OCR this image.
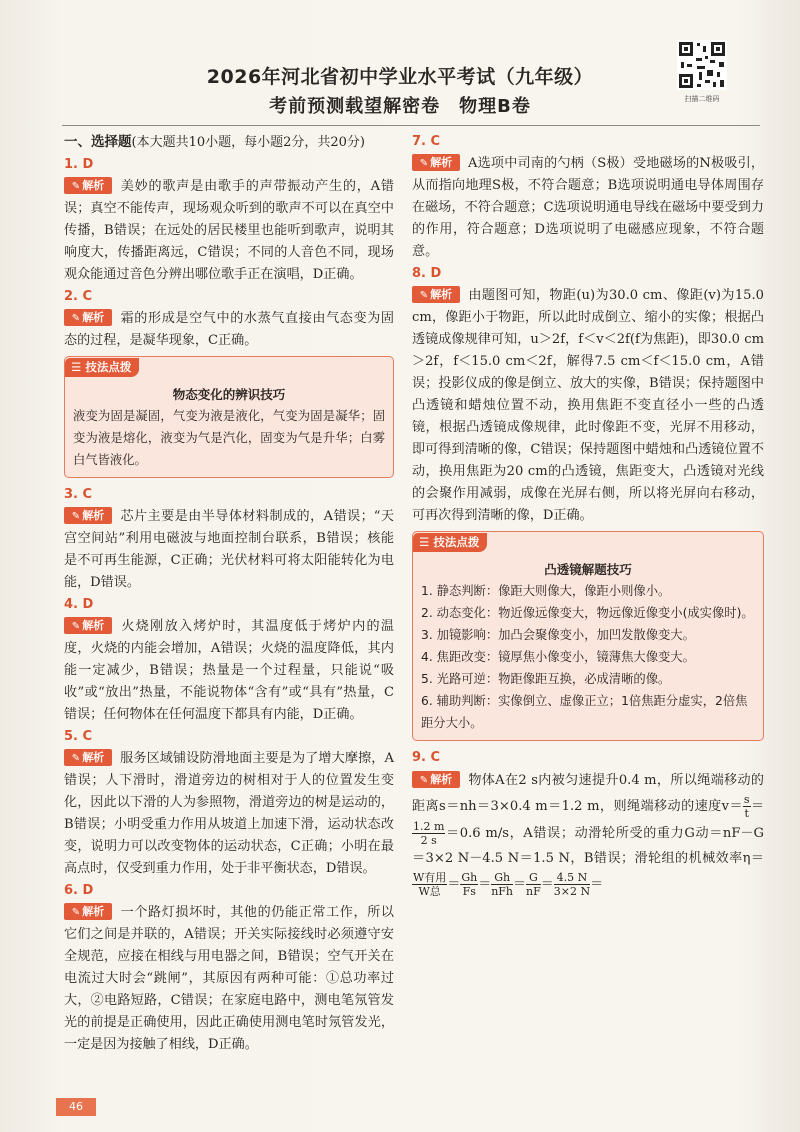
2026年河北省初中学业水平考试（九年级）
考前预测载望解密卷　物理B卷	扫描二维码
一、选择题(本大题共10小题，每小题2分，共20分)
1. D

✎ 解析 美妙的歌声是由歌手的声带振动产生的，A错误；真空不能传声，现场观众听到的歌声不可以在真空中传播，B错误；在远处的居民楼里也能听到歌声，说明其响度大，传播距离远，C错误；不同的人音色不同，现场观众能通过音色分辨出哪位歌手正在演唱，D正确。

2. C

✎ 解析 霜的形成是空气中的水蒸气直接由气态变为固态的过程，是凝华现象，C正确。

☰ 技法点拨
物态变化的辨识技巧
液变为固是凝固，气变为液是液化，气变为固是凝华；固变为液是熔化，液变为气是汽化，固变为气是升华；白雾白气皆液化。
3. C

✎ 解析 芯片主要是由半导体材料制成的，A错误；“天宫空间站”利用电磁波与地面控制台联系，B错误；核能是不可再生能源，C正确；光伏材料可将太阳能转化为电能，D错误。

4. D

✎ 解析 火烧刚放入烤炉时，其温度低于烤炉内的温度，火烧的内能会增加，A错误；火烧的温度降低，其内能一定减少，B错误；热量是一个过程量，只能说“吸收”或“放出”热量，不能说物体“含有”或“具有”热量，C错误；任何物体在任何温度下都具有内能，D正确。

5. C

✎ 解析 服务区域铺设防滑地面主要是为了增大摩擦，A错误；人下滑时，滑道旁边的树相对于人的位置发生变化，因此以下滑的人为参照物，滑道旁边的树是运动的，B错误；小明受重力作用从坡道上加速下滑，运动状态改变，说明力可以改变物体的运动状态，C正确；小明在最高点时，仅受到重力作用，处于非平衡状态，D错误。

6. D

✎ 解析 一个路灯损坏时，其他的仍能正常工作，所以它们之间是并联的，A错误；开关实际接线时必须遵守安全规范，应接在相线与用电器之间，B错误；空气开关在电流过大时会“跳闸”，其原因有两种可能：①总功率过大，②电路短路，C错误；在家庭电路中，测电笔氖管发光的前提是正确使用，因此正确使用测电笔时氖管发光，一定是因为接触了相线，D正确。

7. C

✎ 解析 A选项中司南的勺柄（S极）受地磁场的N极吸引，从而指向地理S极，不符合题意；B选项说明通电导体周围存在磁场，不符合题意；C选项说明通电导线在磁场中要受到力的作用，符合题意；D选项说明了电磁感应现象，不符合题意。

8. D

✎ 解析 由题图可知，物距(u)为30.0 cm、像距(v)为15.0 cm，像距小于物距，所以此时成倒立、缩小的实像；根据凸透镜成像规律可知，u＞2f，f＜v＜2f(f为焦距)，即30.0 cm＞2f，f＜15.0 cm＜2f，解得7.5 cm＜f＜15.0 cm，A错误；投影仪成的像是倒立、放大的实像，B错误；保持题图中凸透镜和蜡烛位置不动，换用焦距不变直径小一些的凸透镜，根据凸透镜成像规律，此时像距不变，光屏不用移动，即可得到清晰的像，C错误；保持题图中蜡烛和凸透镜位置不动，换用焦距为20 cm的凸透镜，焦距变大，凸透镜对光线的会聚作用减弱，成像在光屏右侧，所以将光屏向右移动，可再次得到清晰的像，D正确。

☰ 技法点拨
凸透镜解题技巧
1. 静态判断：像距大则像大，像距小则像小。
2. 动态变化：物近像远像变大，物远像近像变小(成实像时)。
3. 加镜影响：加凸会聚像变小，加凹发散像变大。
4. 焦距改变：镜厚焦小像变小，镜薄焦大像变大。
5. 光路可逆：物距像距互换，必成清晰的像。
6. 辅助判断：实像倒立、虚像正立；1倍焦距分虚实，2倍焦距分大小。
9. C

✎ 解析 物体A在2 s内被匀速提升0.4 m，所以绳端移动的距离s＝nh＝3×0.4 m＝1.2 m，则绳端移动的速度$v= \frac{s}{t}$ ＝
$\frac{1.2 m}{2 s} =0.6$ m/s，A错误；动滑轮所受的重力G动＝nF－G＝3×2 N－4.5 N＝1.5 N，B错误；滑轮组的机械效率η＝
$\frac{\text{W有用}}{\text{W总}} = \frac{Gh}{Fs} = \frac{Gh}{\text{nFh}} = \frac{G}{nF} = \frac{4.5 N}{3\times 2 N}$ ＝

46
